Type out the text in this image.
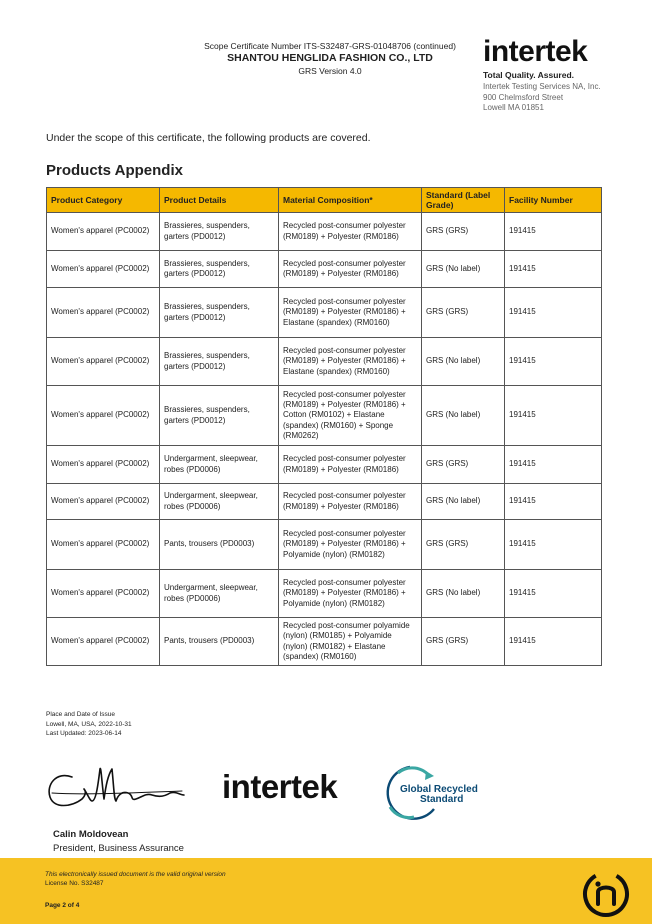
Scope Certificate Number ITS-S32487-GRS-01048706 (continued)
SHANTOU HENGLIDA FASHION CO., LTD
GRS Version 4.0
intertek
Total Quality. Assured.
Intertek Testing Services NA, Inc.
900 Chelmsford Street
Lowell MA 01851
Under the scope of this certificate, the following products are covered.
Products Appendix
Product Category	Product Details	Material Composition*	Standard (Label Grade)	Facility Number
Women's apparel (PC0002)	Brassieres, suspenders, garters (PD0012)	Recycled post-consumer polyester (RM0189) + Polyester (RM0186)	GRS (GRS)	191415
Women's apparel (PC0002)	Brassieres, suspenders, garters (PD0012)	Recycled post-consumer polyester (RM0189) + Polyester (RM0186)	GRS (No label)	191415
Women's apparel (PC0002)	Brassieres, suspenders, garters (PD0012)	Recycled post-consumer polyester (RM0189) + Polyester (RM0186) + Elastane (spandex) (RM0160)	GRS (GRS)	191415
Women's apparel (PC0002)	Brassieres, suspenders, garters (PD0012)	Recycled post-consumer polyester (RM0189) + Polyester (RM0186) + Elastane (spandex) (RM0160)	GRS (No label)	191415
Women's apparel (PC0002)	Brassieres, suspenders, garters (PD0012)	Recycled post-consumer polyester (RM0189) + Polyester (RM0186) + Cotton (RM0102) + Elastane (spandex) (RM0160) + Sponge (RM0262)	GRS (No label)	191415
Women's apparel (PC0002)	Undergarment, sleepwear, robes (PD0006)	Recycled post-consumer polyester (RM0189) + Polyester (RM0186)	GRS (GRS)	191415
Women's apparel (PC0002)	Undergarment, sleepwear, robes (PD0006)	Recycled post-consumer polyester (RM0189) + Polyester (RM0186)	GRS (No label)	191415
Women's apparel (PC0002)	Pants, trousers (PD0003)	Recycled post-consumer polyester (RM0189) + Polyester (RM0186) + Polyamide (nylon) (RM0182)	GRS (GRS)	191415
Women's apparel (PC0002)	Undergarment, sleepwear, robes (PD0006)	Recycled post-consumer polyester (RM0189) + Polyester (RM0186) + Polyamide (nylon) (RM0182)	GRS (No label)	191415
Women's apparel (PC0002)	Pants, trousers (PD0003)	Recycled post-consumer polyamide (nylon) (RM0185) + Polyamide (nylon) (RM0182) + Elastane (spandex) (RM0160)	GRS (GRS)	191415
Place and Date of Issue
Lowell, MA, USA, 2022-10-31
Last Updated: 2023-06-14
intertek	Global Recycled
Standard
Calin Moldovean
President, Business Assurance
This electronically issued document is the valid original version
License No. S32487
Page 2 of 4
